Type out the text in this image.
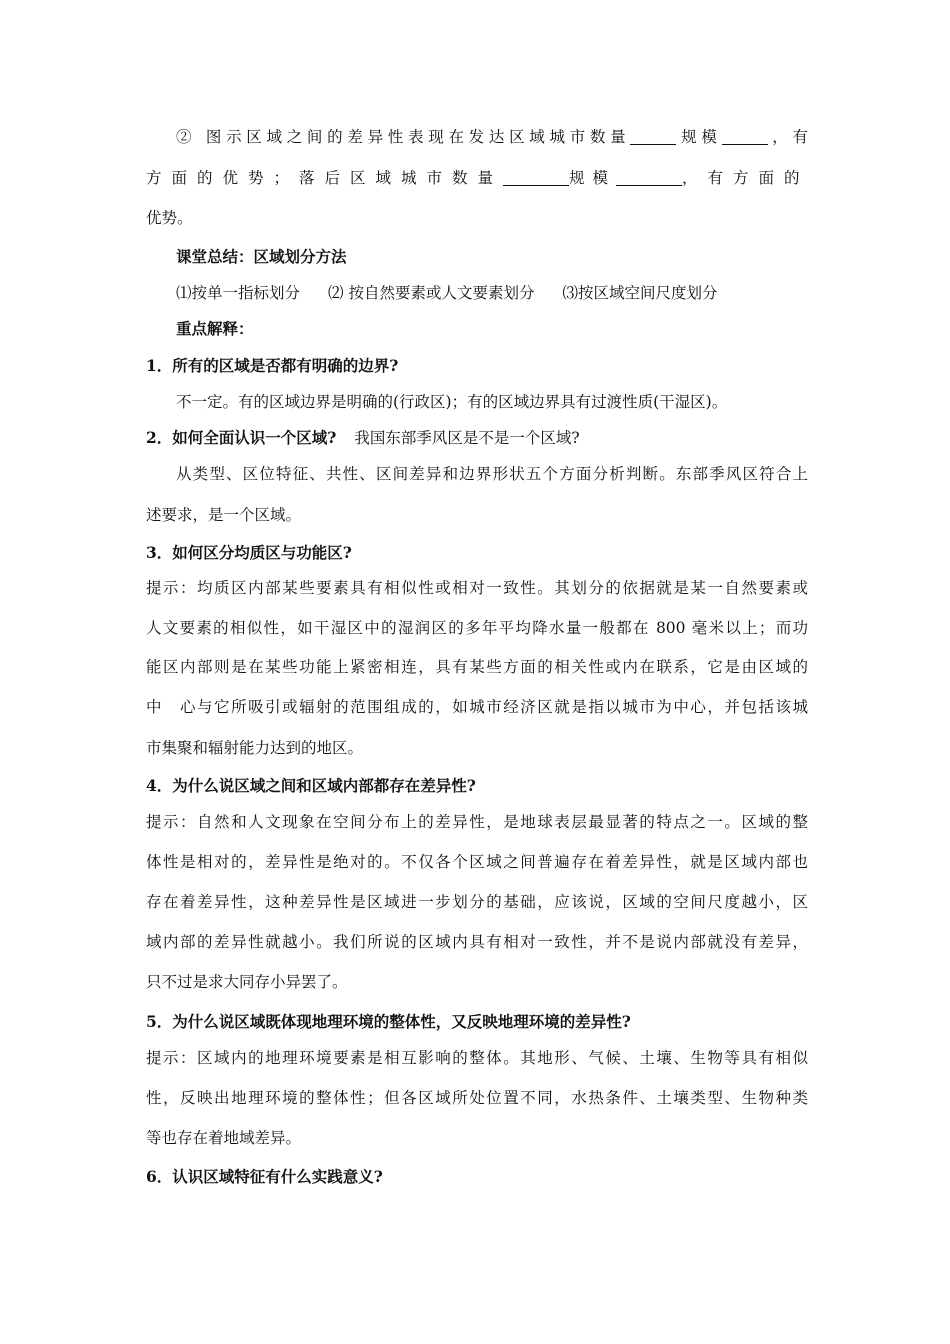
② 图示区域之间的差异性表现在发达区域城市数量	规模	，有
方面的优势；落后区域城市数量	规模	，有方面的
优势。
课堂总结：区域划分方法
⑴按单一指标划分 ⑵ 按自然要素或人文要素划分 ⑶按区域空间尺度划分
重点解释：
1．所有的区域是否都有明确的边界?
不一定。有的区域边界是明确的(行政区)；有的区域边界具有过渡性质(干湿区)。
2．如何全面认识一个区域? 我国东部季风区是不是一个区域?
从类型、区位特征、共性、区间差异和边界形状五个方面分析判断。东部季风区符合上
述要求，是一个区域。
3．如何区分均质区与功能区?
提示：均质区内部某些要素具有相似性或相对一致性。其划分的依据就是某一自然要素或
人文要素的相似性，如干湿区中的湿润区的多年平均降水量一般都在 800 毫米以上；而功
能区内部则是在某些功能上紧密相连，具有某些方面的相关性或内在联系，它是由区域的
中　心与它所吸引或辐射的范围组成的，如城市经济区就是指以城市为中心，并包括该城
市集聚和辐射能力达到的地区。
4．为什么说区域之间和区域内部都存在差异性?
提示：自然和人文现象在空间分布上的差异性，是地球表层最显著的特点之一。区域的整
体性是相对的，差异性是绝对的。不仅各个区域之间普遍存在着差异性，就是区域内部也
存在着差异性，这种差异性是区域进一步划分的基础，应该说，区域的空间尺度越小，区
域内部的差异性就越小。我们所说的区域内具有相对一致性，并不是说内部就没有差异，
只不过是求大同存小异罢了。
5．为什么说区域既体现地理环境的整体性，又反映地理环境的差异性?
提示：区域内的地理环境要素是相互影响的整体。其地形、气候、土壤、生物等具有相似
性，反映出地理环境的整体性；但各区域所处位置不同，水热条件、土壤类型、生物种类
等也存在着地域差异。
6．认识区域特征有什么实践意义?
